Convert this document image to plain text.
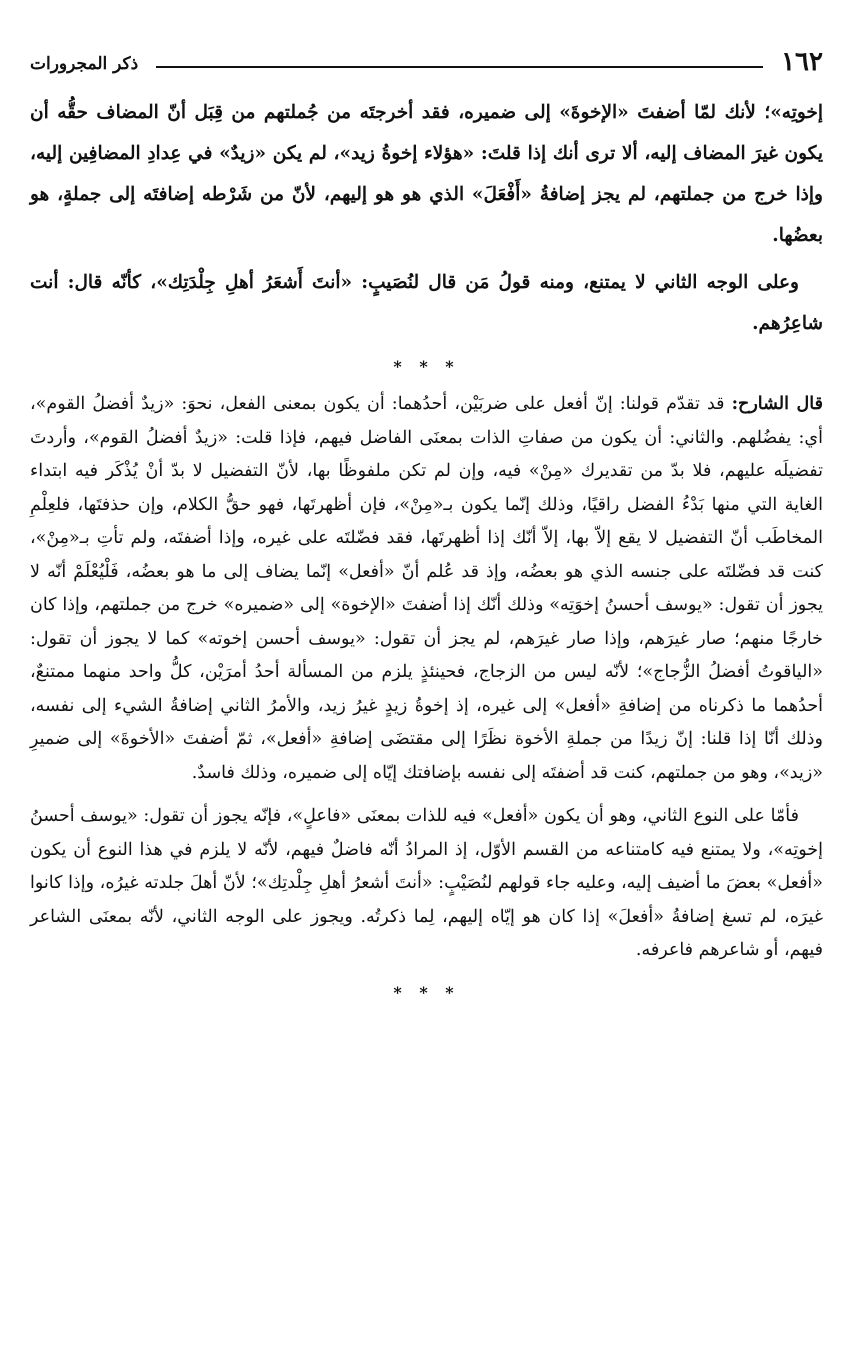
١٦٢
ذكر المجرورات

إخوتِه»؛ لأنك لمّا أضفتَ «الإخوةَ» إلى ضميره، فقد أخرجتَه من جُملتهم من قِبَل أنّ المضاف حقُّه أن يكون غيرَ المضاف إليه، ألا ترى أنك إذا قلتَ: «هؤلاء إخوةُ زيد»، لم يكن «زيدٌ» في عِدادِ المضافِين إليه، وإذا خرج من جملتهم، لم يجز إضافةُ «أَفْعَلَ» الذي هو هو إليهم، لأنّ من شَرْطه إضافتَه إلى جملةٍ، هو بعضُها.

وعلى الوجه الثاني لا يمتنع، ومنه قولُ مَن قال لنُصَيبٍ: «أنتَ أَشعَرُ أهلِ جِلْدَتِك»، كأنّه قال: أنت شاعِرُهم.

* * *

قال الشارح: قد تقدّم قولنا: إنّ أفعل على ضربَيْن، أحدُهما: أن يكون بمعنى الفعل، نحوَ: «زيدٌ أفضلُ القوم»، أي: يفضُلهم. والثاني: أن يكون من صفاتِ الذات بمعنَى الفاضل فيهم، فإذا قلت: «زيدٌ أفضلُ القوم»، وأردتَ تفضيلَه عليهم، فلا بدّ من تقديرك «مِنْ» فيه، وإن لم تكن ملفوظًا بها، لأنّ التفضيل لا بدّ أنْ يُذْكَر فيه ابتداء الغاية التي منها بَدْءُ الفضل راقيًا، وذلك إنّما يكون بـ«مِنْ»، فإن أظهرتَها، فهو حقُّ الكلام، وإن حذفتَها، فلعِلْمِ المخاطَب أنّ التفضيل لا يقع إلاّ بها، إلاّ أنّك إذا أظهرتَها، فقد فضّلتَه على غيره، وإذا أضفتَه، ولم تأتِ بـ«مِنْ»، كنت قد فضّلتَه على جنسه الذي هو بعضُه، وإذ قد عُلم أنّ «أفعل» إنّما يضاف إلى ما هو بعضُه، فَلْيُعْلَمْ أنّه لا يجوز أن تقول: «يوسف أحسنُ إخوَتِه» وذلك أنّك إذا أضفتَ «الإخوة» إلى «ضميره» خرج من جملتهم، وإذا كان خارجًا منهم؛ صار غيرَهم، وإذا صار غيرَهم، لم يجز أن تقول: «يوسف أحسن إخوته» كما لا يجوز أن تقول: «الياقوتُ أفضلُ الزُّجاج»؛ لأنّه ليس من الزجاج، فحينئذٍ يلزم من المسألة أحدُ أمرَيْن، كلُّ واحد منهما ممتنعٌ، أحدُهما ما ذكرناه من إضافةِ «أفعل» إلى غيره، إذ إخوةُ زيدٍ غيرُ زيد، والأمرُ الثاني إضافةُ الشيء إلى نفسه، وذلك أنّا إذا قلنا: إنّ زيدًا من جملةِ الأخوة نظَرًا إلى مقتضَى إضافةِ «أفعل»، ثمّ أضفتَ «الأخوةَ» إلى ضميرِ «زيد»، وهو من جملتهم، كنت قد أضفتَه إلى نفسه بإضافتك إيّاه إلى ضميره، وذلك فاسدٌ.

فأمّا على النوع الثاني، وهو أن يكون «أفعل» فيه للذات بمعنَى «فاعلٍ»، فإنّه يجوز أن تقول: «يوسف أحسنُ إخوتِه»، ولا يمتنع فيه كامتناعه من القسم الأوّل، إذ المرادُ أنّه فاضلٌ فيهم، لأنّه لا يلزم في هذا النوع أن يكون «أفعل» بعضَ ما أضيف إليه، وعليه جاء قولهم لنُصَيْبٍ: «أنتَ أشعرُ أهلِ جِلْدتِك»؛ لأنّ أهلَ جلدته غيرُه، وإذا كانوا غيرَه، لم تسغ إضافةُ «أفعلَ» إذا كان هو إيّاه إليهم، لِما ذكرتُه. ويجوز على الوجه الثاني، لأنّه بمعنَى الشاعر فيهم، أو شاعرهم فاعرفه.

* * *
